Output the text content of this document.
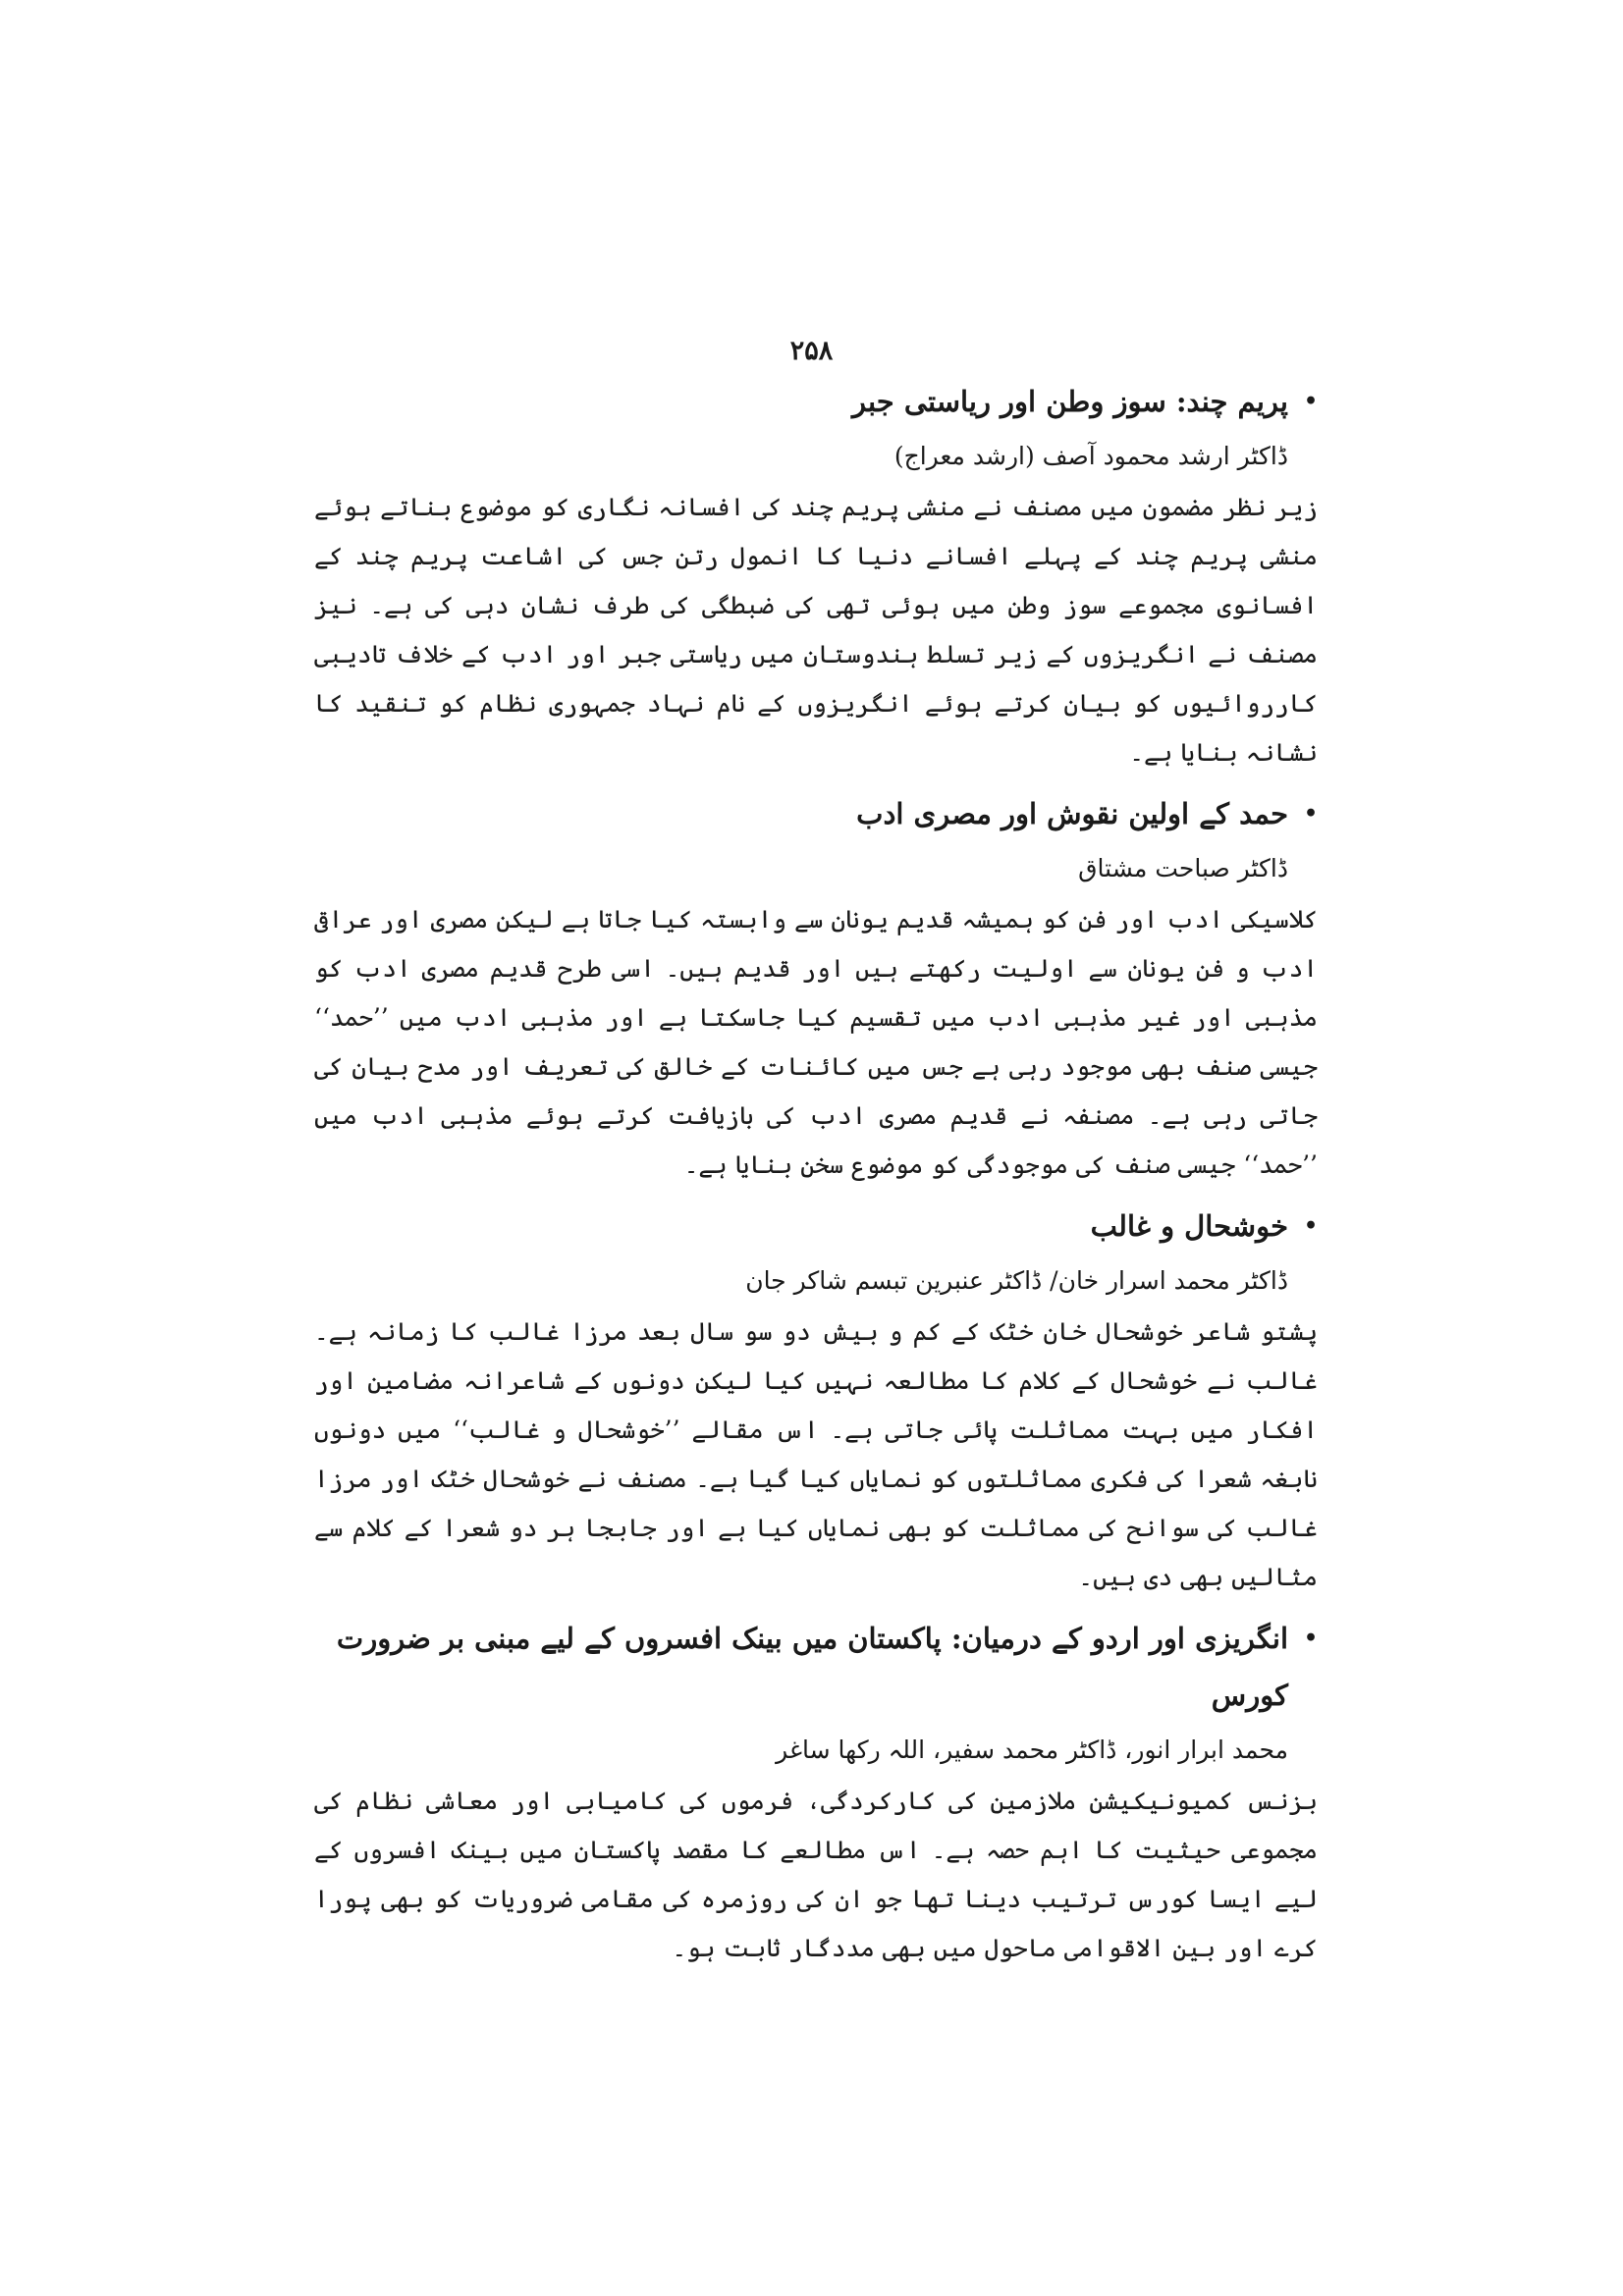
۲۵۸
•
پریم چند: سوز وطن اور ریاستی جبر
ڈاکٹر ارشد محمود آصف (ارشد معراج)
زیر نظر مضمون میں مصنف نے منشی پریم چند کی افسانہ نگاری کو موضوع بناتے ہوئے منشی پریم چند کے پہلے افسانے دنیا کا انمول رتن جس کی اشاعت پریم چند کے افسانوی مجموعے سوز وطن میں ہوئی تھی کی ضبطگی کی طرف نشان دہی کی ہے۔ نیز مصنف نے انگریزوں کے زیر تسلط ہندوستان میں ریاستی جبر اور ادب کے خلاف تادیبی کارروائیوں کو بیان کرتے ہوئے انگریزوں کے نام نہاد جمہوری نظام کو تنقید کا نشانہ بنایا ہے۔
•
حمد کے اولین نقوش اور مصری ادب
ڈاکٹر صباحت مشتاق
کلاسیکی ادب اور فن کو ہمیشہ قدیم یونان سے وابستہ کیا جاتا ہے لیکن مصری اور عراقی ادب و فن یونان سے اولیت رکھتے ہیں اور قدیم ہیں۔ اسی طرح قدیم مصری ادب کو مذہبی اور غیر مذہبی ادب میں تقسیم کیا جاسکتا ہے اور مذہبی ادب میں ’’حمد‘‘ جیسی صنف بھی موجود رہی ہے جس میں کائنات کے خالق کی تعریف اور مدح بیان کی جاتی رہی ہے۔ مصنفہ نے قدیم مصری ادب کی بازیافت کرتے ہوئے مذہبی ادب میں ’’حمد‘‘ جیسی صنف کی موجودگی کو موضوع سخن بنایا ہے۔
•
خوشحال و غالب
ڈاکٹر محمد اسرار خان/ ڈاکٹر عنبرین تبسم شاکر جان
پشتو شاعر خوشحال خان خٹک کے کم و بیش دو سو سال بعد مرزا غالب کا زمانہ ہے۔ غالب نے خوشحال کے کلام کا مطالعہ نہیں کیا لیکن دونوں کے شاعرانہ مضامین اور افکار میں بہت مماثلت پائی جاتی ہے۔ اس مقالے ’’خوشحال و غالب‘‘ میں دونوں نابغہ شعرا کی فکری مماثلتوں کو نمایاں کیا گیا ہے۔ مصنف نے خوشحال خٹک اور مرزا غالب کی سوانح کی مماثلت کو بھی نمایاں کیا ہے اور جابجا ہر دو شعرا کے کلام سے مثالیں بھی دی ہیں۔
•
انگریزی اور اردو کے درمیان: پاکستان میں بینک افسروں کے لیے مبنی بر ضرورت کورس
محمد ابرار انور، ڈاکٹر محمد سفیر، اللہ رکھا ساغر
بزنس کمیونیکیشن ملازمین کی کارکردگی، فرموں کی کامیابی اور معاشی نظام کی مجموعی حیثیت کا اہم حصہ ہے۔ اس مطالعے کا مقصد پاکستان میں بینک افسروں کے لیے ایسا کورس ترتیب دینا تھا جو ان کی روزمرہ کی مقامی ضروریات کو بھی پورا کرے اور بین الاقوامی ماحول میں بھی مددگار ثابت ہو۔
